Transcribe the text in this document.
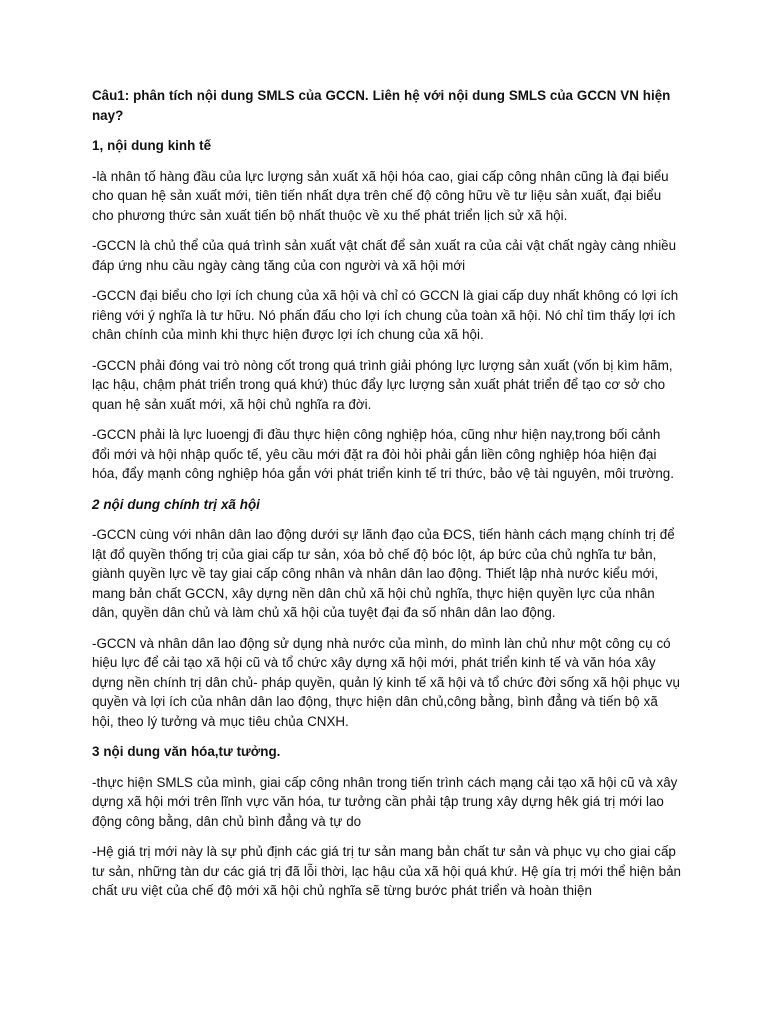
Câu1: phân tích nội dung SMLS của GCCN. Liên hệ với nội dung SMLS của GCCN VN hiện nay?

1, nội dung kinh tế

-là nhân tố hàng đầu của lực lượng sản xuất xã hội hóa cao, giai cấp công nhân cũng là đại biểu cho quan hệ sản xuất mới, tiên tiến nhất dựa trên chế độ công hữu về tư liệu sản xuất, đại biểu cho phương thức sản xuất tiến bộ nhất thuộc về xu thế phát triển lịch sử xã hội.

-GCCN là chủ thể của quá trình sản xuất vật chất để sản xuất ra của cải vật chất ngày càng nhiều đáp ứng nhu cầu ngày càng tăng của con người và xã hội mới

-GCCN đại biểu cho lợi ích chung của xã hội và chỉ có GCCN là giai cấp duy nhất không có lợi ích riêng với ý nghĩa là tư hữu. Nó phấn đấu cho lợi ích chung của toàn xã hội. Nó chỉ tìm thấy lợi ích chân chính của mình khi thực hiện được lợi ích chung của xã hội.

-GCCN phải đóng vai trò nòng cốt trong quá trình giải phóng lực lượng sản xuất (vốn bị kìm hãm, lạc hậu, chậm phát triển trong quá khứ) thúc đẩy lực lượng sản xuất phát triển để tạo cơ sở cho quan hệ sản xuất mới, xã hội chủ nghĩa ra đời.

-GCCN phải là lực luoengj đi đầu thực hiện công nghiệp hóa, cũng như hiện nay,trong bối cảnh đổi mới và hội nhập quốc tế, yêu cầu mới đặt ra đòi hỏi phải gắn liền công nghiệp hóa hiện đại hóa, đẩy mạnh công nghiệp hóa gắn với phát triển kinh tế tri thức, bảo vệ tài nguyên, môi trường.

2 nội dung chính trị xã hội

-GCCN cùng với nhân dân lao động dưới sự lãnh đạo của ĐCS, tiến hành cách mạng chính trị để lật đổ quyền thống trị của giai cấp tư sản, xóa bỏ chế độ bóc lột, áp bức của chủ nghĩa tư bản, giành quyền lực về tay giai cấp công nhân và nhân dân lao động. Thiết lập nhà nước kiểu mới, mang bản chất GCCN, xây dựng nền dân chủ xã hội chủ nghĩa, thực hiện quyền lực của nhân dân, quyền dân chủ và làm chủ xã hội của tuyệt đại đa số nhân dân lao động.

-GCCN và nhân dân lao động sử dụng nhà nước của mình, do mình làn chủ như một công cụ có hiệu lực để cải tạo xã hội cũ và tổ chức xây dựng xã hội mới, phát triển kinh tế và văn hóa xây dựng nền chính trị dân chủ- pháp quyền, quản lý kinh tế xã hội và tổ chức đời sống xã hội phục vụ quyền và lợi ích của nhân dân lao động, thực hiện dân chủ,công bằng, bình đẳng và tiến bộ xã hội, theo lý tưởng và mục tiêu chủa CNXH.

3 nội dung văn hóa,tư tưởng.

-thực hiện SMLS của mình, giai cấp công nhân trong tiến trình cách mạng cải tạo xã hội cũ và xây dựng xã hội mới trên lĩnh vực văn hóa, tư tưởng cần phải tập trung xây dựng hêk giá trị mới lao động công bằng, dân chủ bình đẳng và tự do

-Hệ giá trị mới này là sự phủ định các giá trị tư sản mang bản chất tư sản và phục vụ cho giai cấp tư sản, những tàn dư các giá trị đã lỗi thời, lạc hậu của xã hội quá khứ. Hệ gía trị mới thể hiện bản chất ưu việt của chế độ mới xã hội chủ nghĩa sẽ từng bước phát triển và hoàn thiện
